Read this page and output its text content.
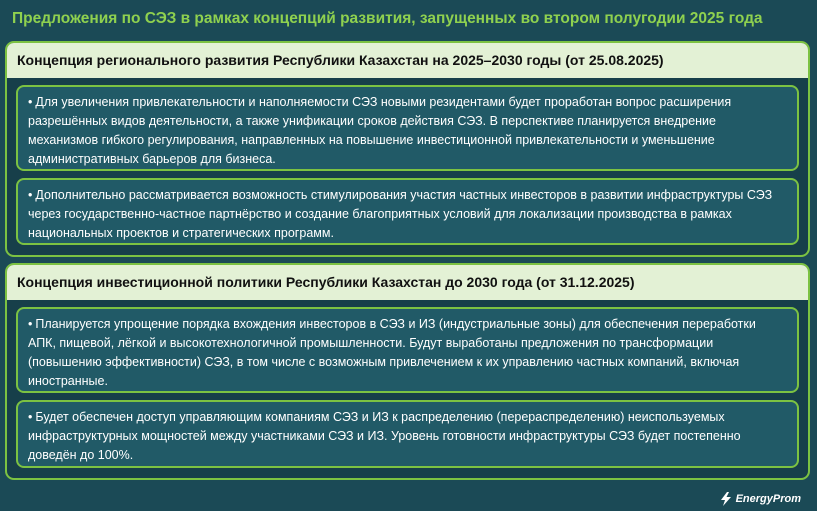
Предложения по СЭЗ в рамках концепций развития, запущенных во втором полугодии 2025 года
Концепция регионального развития Республики Казахстан на 2025–2030 годы (от 25.08.2025)
• Для увеличения привлекательности и наполняемости СЭЗ новыми резидентами будет проработан вопрос расширения разрешённых видов деятельности, а также унификации сроков действия СЭЗ. В перспективе планируется внедрение механизмов гибкого регулирования, направленных на повышение инвестиционной привлекательности и уменьшение административных барьеров для бизнеса.
• Дополнительно рассматривается возможность стимулирования участия частных инвесторов в развитии инфраструктуры СЭЗ через государственно-частное партнёрство и создание благоприятных условий для локализации производства в рамках национальных проектов и стратегических программ.
Концепция инвестиционной политики Республики Казахстан до 2030 года (от 31.12.2025)
• Планируется упрощение порядка вхождения инвесторов в СЭЗ и ИЗ (индустриальные зоны) для обеспечения переработки АПК, пищевой, лёгкой и высокотехнологичной промышленности. Будут выработаны предложения по трансформации (повышению эффективности) СЭЗ, в том числе с возможным привлечением к их управлению частных компаний, включая иностранные.
• Будет обеспечен доступ управляющим компаниям СЭЗ и ИЗ к распределению (перераспределению) неиспользуемых инфраструктурных мощностей между участниками СЭЗ и ИЗ. Уровень готовности инфраструктуры СЭЗ будет постепенно доведён до 100%.
EnergyProm
